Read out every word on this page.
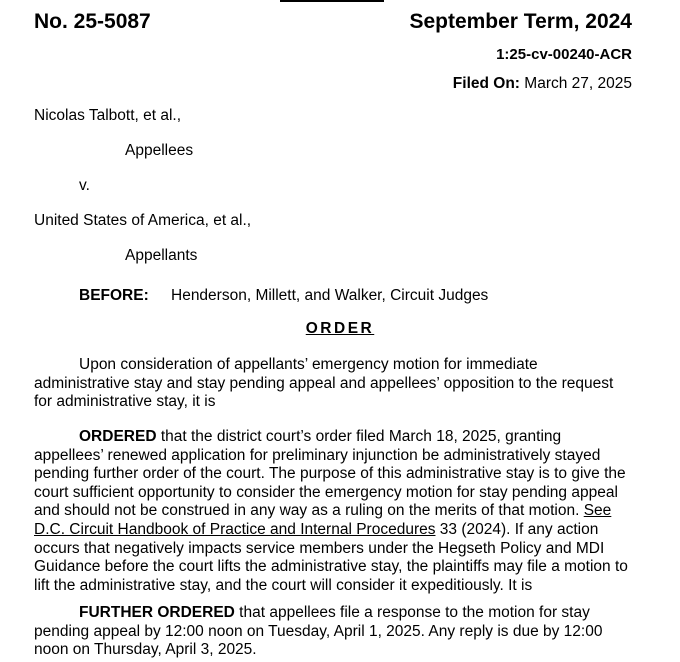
No. 25-5087	September Term, 2024
1:25-cv-00240-ACR
Filed On: March 27, 2025
Nicolas Talbott, et al.,
Appellees
v.
United States of America, et al.,
Appellants
BEFORE: Henderson, Millett, and Walker, Circuit Judges
ORDER
Upon consideration of appellants’ emergency motion for immediate
administrative stay and stay pending appeal and appellees’ opposition to the request
for administrative stay, it is
ORDERED that the district court’s order filed March 18, 2025, granting
appellees’ renewed application for preliminary injunction be administratively stayed
pending further order of the court. The purpose of this administrative stay is to give the
court sufficient opportunity to consider the emergency motion for stay pending appeal
and should not be construed in any way as a ruling on the merits of that motion. See
D.C. Circuit Handbook of Practice and Internal Procedures 33 (2024). If any action
occurs that negatively impacts service members under the Hegseth Policy and MDI
Guidance before the court lifts the administrative stay, the plaintiffs may file a motion to
lift the administrative stay, and the court will consider it expeditiously. It is
FURTHER ORDERED that appellees file a response to the motion for stay
pending appeal by 12:00 noon on Tuesday, April 1, 2025. Any reply is due by 12:00
noon on Thursday, April 3, 2025.
